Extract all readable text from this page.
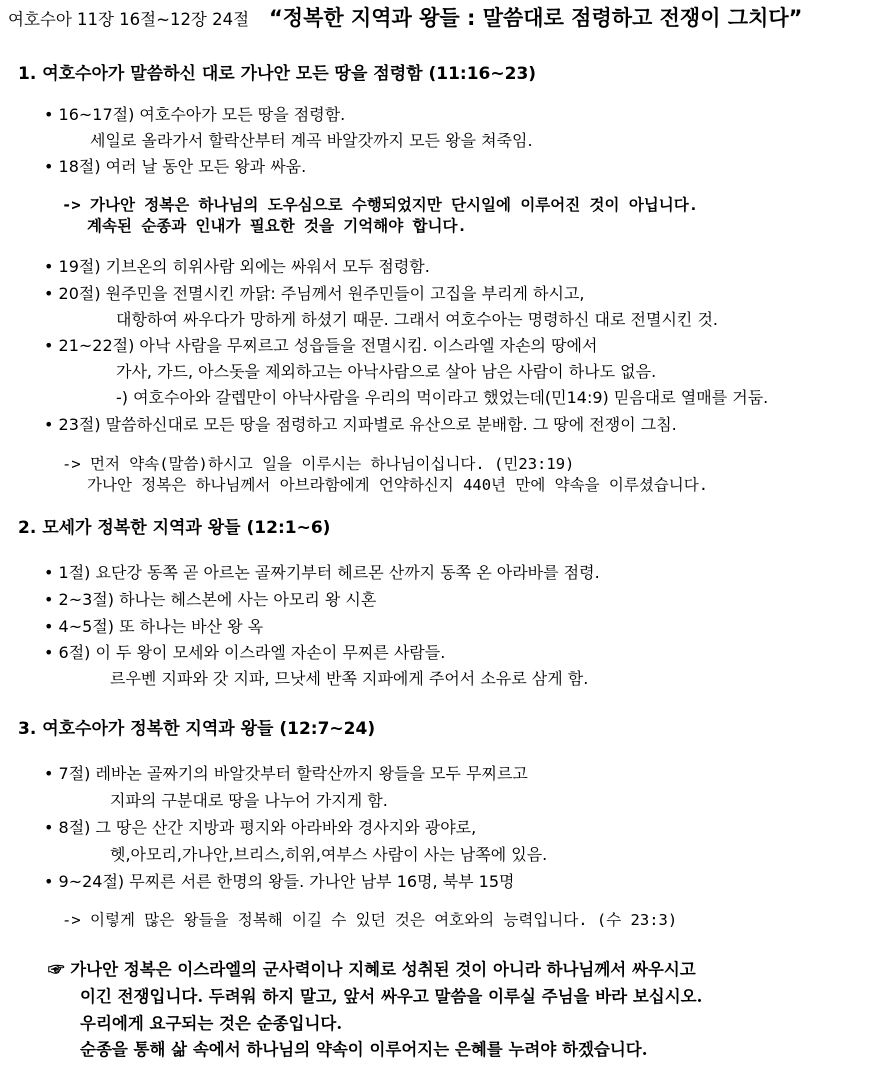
여호수아 11장 16절~12장 24절 “정복한 지역과 왕들 : 말씀대로 점령하고 전쟁이 그치다”
1. 여호수아가 말씀하신 대로 가나안 모든 땅을 점령함 (11:16~23)
• 16~17절) 여호수아가 모든 땅을 점령함.
세일로 올라가서 할락산부터 계곡 바알갓까지 모든 왕을 쳐죽임.
• 18절) 여러 날 동안 모든 왕과 싸움.
-> 가나안 정복은 하나님의 도우심으로 수행되었지만 단시일에 이루어진 것이 아닙니다.
계속된 순종과 인내가 필요한 것을 기억해야 합니다.
• 19절) 기브온의 히위사람 외에는 싸워서 모두 점령함.
• 20절) 원주민을 전멸시킨 까닭: 주님께서 원주민들이 고집을 부리게 하시고,
대항하여 싸우다가 망하게 하셨기 때문. 그래서 여호수아는 명령하신 대로 전멸시킨 것.
• 21~22절) 아낙 사람을 무찌르고 성읍들을 전멸시킴. 이스라엘 자손의 땅에서
가사, 가드, 아스돗을 제외하고는 아낙사람으로 살아 남은 사람이 하나도 없음.
-) 여호수아와 갈렙만이 아낙사람을 우리의 먹이라고 했었는데(민14:9) 믿음대로 열매를 거둠.
• 23절) 말씀하신대로 모든 땅을 점령하고 지파별로 유산으로 분배함. 그 땅에 전쟁이 그침.
-> 먼저 약속(말씀)하시고 일을 이루시는 하나님이십니다. (민23:19)
가나안 정복은 하나님께서 아브라함에게 언약하신지 440년 만에 약속을 이루셨습니다.
2. 모세가 정복한 지역과 왕들 (12:1~6)
• 1절) 요단강 동쪽 곧 아르논 골짜기부터 헤르몬 산까지 동쪽 온 아라바를 점령.
• 2~3절) 하나는 헤스본에 사는 아모리 왕 시혼
• 4~5절) 또 하나는 바산 왕 옥
• 6절) 이 두 왕이 모세와 이스라엘 자손이 무찌른 사람들.
르우벤 지파와 갓 지파, 므낫세 반쪽 지파에게 주어서 소유로 삼게 함.
3. 여호수아가 정복한 지역과 왕들 (12:7~24)
• 7절) 레바논 골짜기의 바알갓부터 할락산까지 왕들을 모두 무찌르고
지파의 구분대로 땅을 나누어 가지게 함.
• 8절) 그 땅은 산간 지방과 평지와 아라바와 경사지와 광야로,
헷,아모리,가나안,브리스,히위,여부스 사람이 사는 남쪽에 있음.
• 9~24절) 무찌른 서른 한명의 왕들. 가나안 남부 16명, 북부 15명
-> 이렇게 많은 왕들을 정복해 이길 수 있던 것은 여호와의 능력입니다. (수 23:3)
☞ 가나안 정복은 이스라엘의 군사력이나 지혜로 성취된 것이 아니라 하나님께서 싸우시고
이긴 전쟁입니다. 두려워 하지 말고, 앞서 싸우고 말씀을 이루실 주님을 바라 보십시오.
우리에게 요구되는 것은 순종입니다.
순종을 통해 삶 속에서 하나님의 약속이 이루어지는 은혜를 누려야 하겠습니다.
